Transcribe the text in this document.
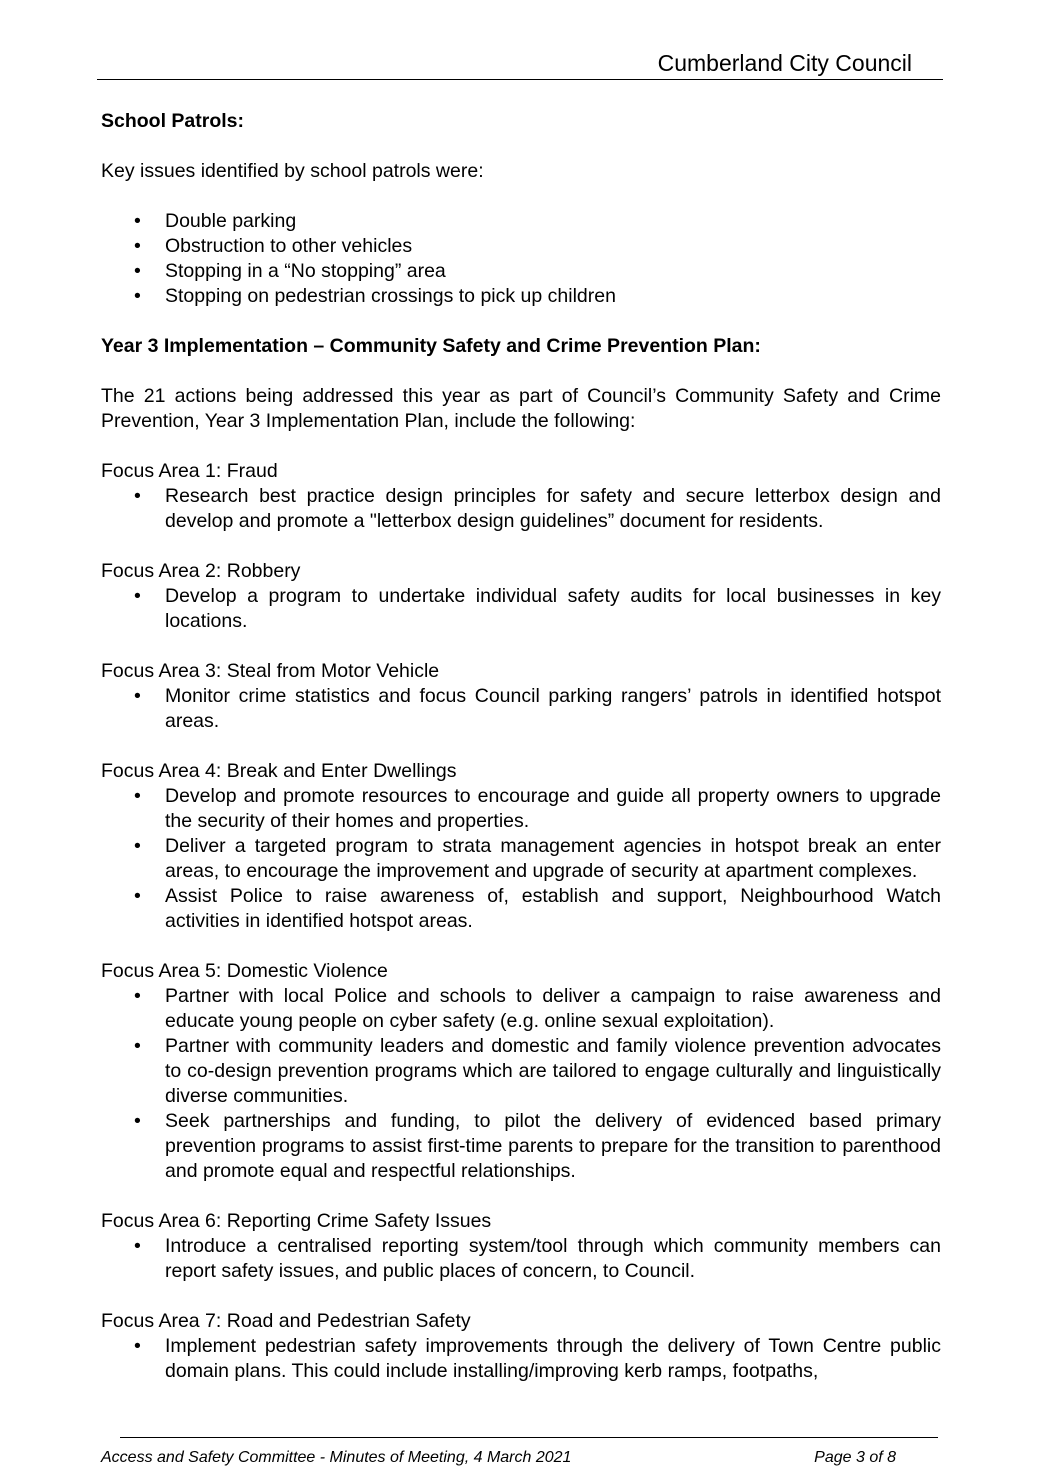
Cumberland City Council

School Patrols:

Key issues identified by school patrols were:

• Double parking
• Obstruction to other vehicles
• Stopping in a “No stopping” area
• Stopping on pedestrian crossings to pick up children

Year 3 Implementation – Community Safety and Crime Prevention Plan:

The 21 actions being addressed this year as part of Council’s Community Safety and Crime Prevention, Year 3 Implementation Plan, include the following:

Focus Area 1: Fraud

• Research best practice design principles for safety and secure letterbox design and develop and promote a "letterbox design guidelines” document for residents.

Focus Area 2: Robbery

• Develop a program to undertake individual safety audits for local businesses in key locations.

Focus Area 3: Steal from Motor Vehicle

• Monitor crime statistics and focus Council parking rangers’ patrols in identified hotspot areas.

Focus Area 4: Break and Enter Dwellings

• Develop and promote resources to encourage and guide all property owners to upgrade the security of their homes and properties.
• Deliver a targeted program to strata management agencies in hotspot break an enter areas, to encourage the improvement and upgrade of security at apartment complexes.
• Assist Police to raise awareness of, establish and support, Neighbourhood Watch activities in identified hotspot areas.

Focus Area 5: Domestic Violence

• Partner with local Police and schools to deliver a campaign to raise awareness and educate young people on cyber safety (e.g. online sexual exploitation).
• Partner with community leaders and domestic and family violence prevention advocates to co-design prevention programs which are tailored to engage culturally and linguistically diverse communities.
• Seek partnerships and funding, to pilot the delivery of evidenced based primary prevention programs to assist first-time parents to prepare for the transition to parenthood and promote equal and respectful relationships.

Focus Area 6: Reporting Crime Safety Issues

• Introduce a centralised reporting system/tool through which community members can report safety issues, and public places of concern, to Council.

Focus Area 7: Road and Pedestrian Safety

• Implement pedestrian safety improvements through the delivery of Town Centre public domain plans. This could include installing/improving kerb ramps, footpaths,
Access and Safety Committee - Minutes of Meeting, 4 March 2021	Page 3 of 8
